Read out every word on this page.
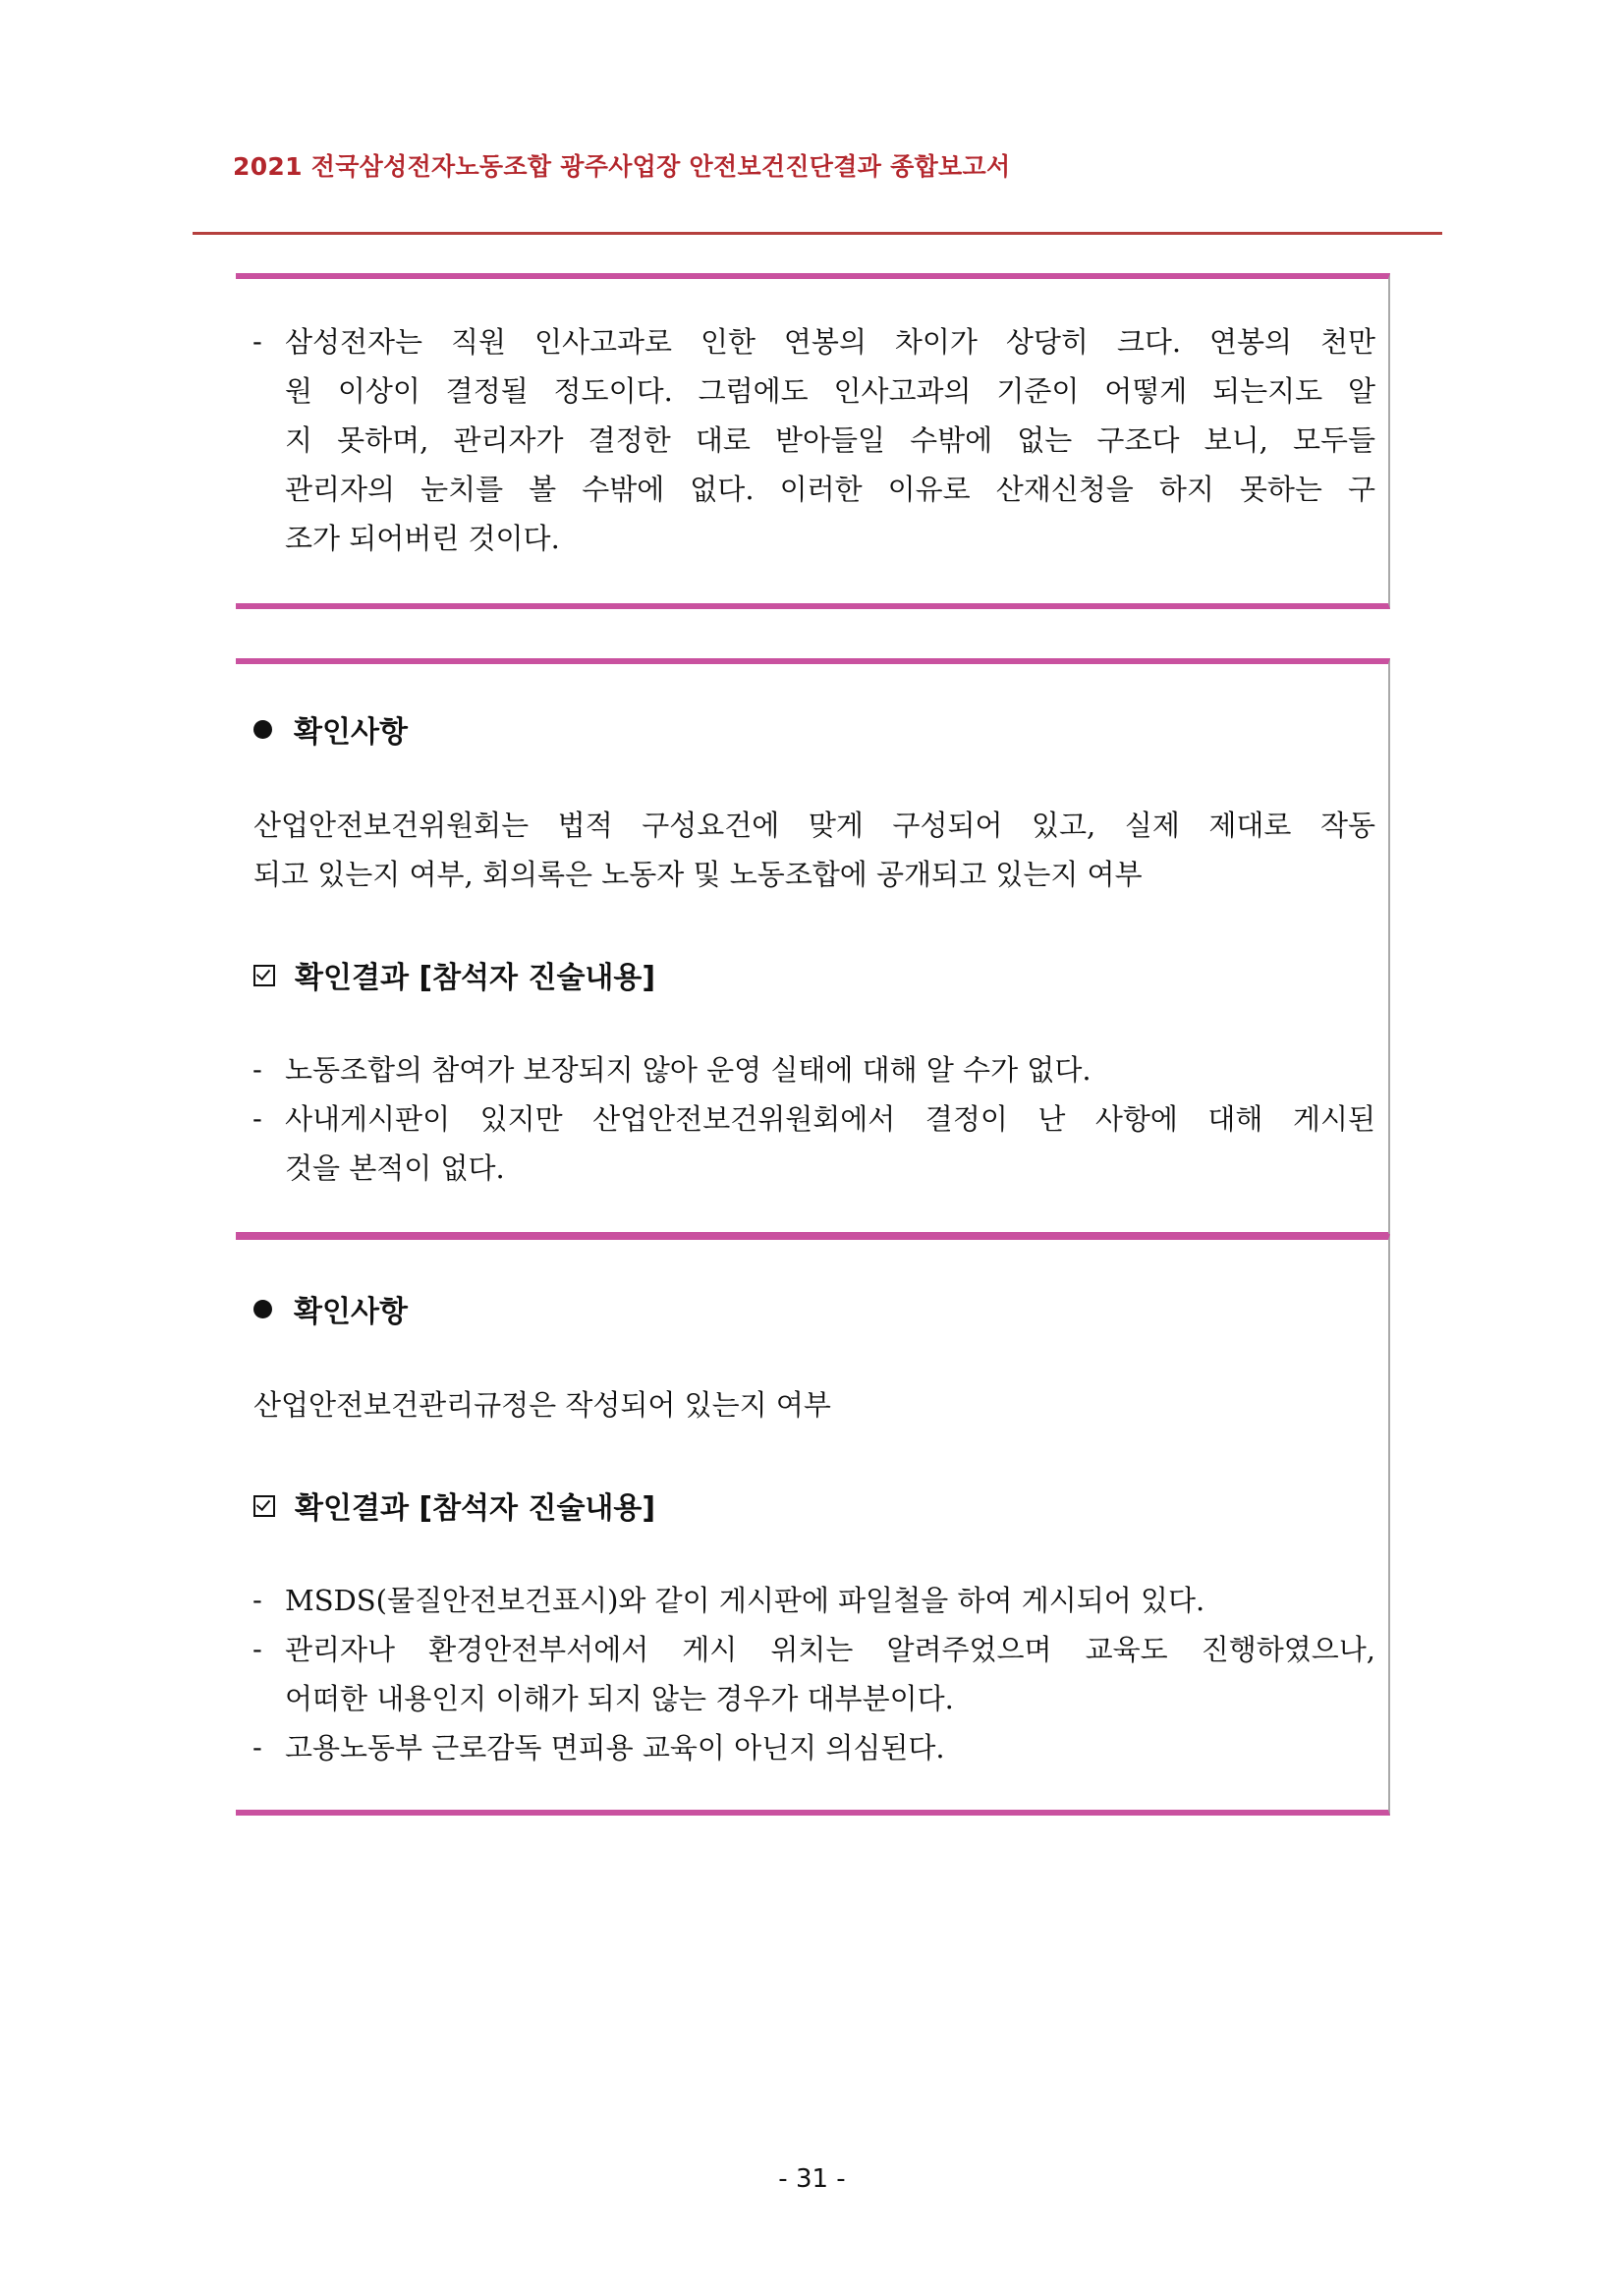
2021 전국삼성전자노동조합 광주사업장 안전보건진단결과 종합보고서
- 삼성전자는 직원 인사고과로 인한 연봉의 차이가 상당히 크다. 연봉의 천만
원 이상이 결정될 정도이다. 그럼에도 인사고과의 기준이 어떻게 되는지도 알
지 못하며, 관리자가 결정한 대로 받아들일 수밖에 없는 구조다 보니, 모두들
관리자의 눈치를 볼 수밖에 없다. 이러한 이유로 산재신청을 하지 못하는 구
조가 되어버린 것이다.
확인사항
산업안전보건위원회는 법적 구성요건에 맞게 구성되어 있고, 실제 제대로 작동
되고 있는지 여부, 회의록은 노동자 및 노동조합에 공개되고 있는지 여부
확인결과 [참석자 진술내용]
- 노동조합의 참여가 보장되지 않아 운영 실태에 대해 알 수가 없다.
- 사내게시판이 있지만 산업안전보건위원회에서 결정이 난 사항에 대해 게시된
것을 본적이 없다.
확인사항
산업안전보건관리규정은 작성되어 있는지 여부
확인결과 [참석자 진술내용]
- MSDS(물질안전보건표시)와 같이 게시판에 파일철을 하여 게시되어 있다.
- 관리자나 환경안전부서에서 게시 위치는 알려주었으며 교육도 진행하였으나,
어떠한 내용인지 이해가 되지 않는 경우가 대부분이다.
- 고용노동부 근로감독 면피용 교육이 아닌지 의심된다.
- 31 -
